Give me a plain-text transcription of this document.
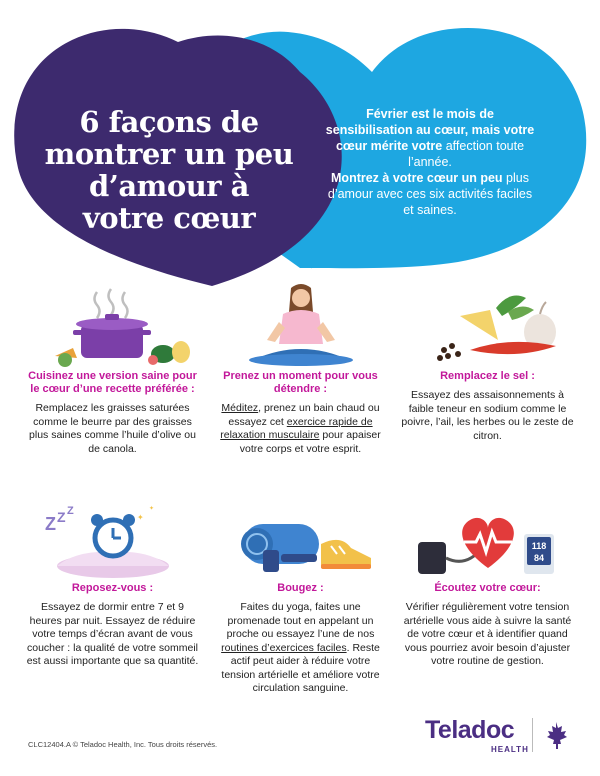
6 façons de montrer un peu d’amour à votre cœur

Février est le mois de sensibilisation au cœur, mais votre cœur mérite votre affection toute l’année.

Montrez à votre cœur un peu plus d’amour avec ces six activités faciles et saines.

Cuisinez une version saine pour le cœur d’une recette préférée :

Remplacez les graisses saturées comme le beurre par des graisses plus saines comme l’huile d’olive ou de canola.

Prenez un moment pour vous détendre :

Méditez, prenez un bain chaud ou essayez cet exercice rapide de relaxation musculaire pour apaiser votre corps et votre esprit.

Remplacez le sel :

Essayez des assaisonnements à faible teneur en sodium comme le poivre, l’ail, les herbes ou le zeste de citron.

Z Z Z
✦
✦
Reposez-vous :

Essayez de dormir entre 7 et 9 heures par nuit. Essayez de réduire votre temps d’écran avant de vous coucher : la qualité de votre sommeil est aussi importante que sa quantité.

Bougez :

Faites du yoga, faites une promenade tout en appelant un proche ou essayez l’une de nos routines d’exercices faciles. Reste actif peut aider à réduire votre tension artérielle et améliore votre circulation sanguine.

118
84
Écoutez votre cœur:

Vérifier régulièrement votre tension artérielle vous aide à suivre la santé de votre cœur et à identifier quand vous pourriez avoir besoin d’ajuster votre routine de gestion.

CLC12404.A © Teladoc Health, Inc. Tous droits réservés.
Teladoc
HEALTH
